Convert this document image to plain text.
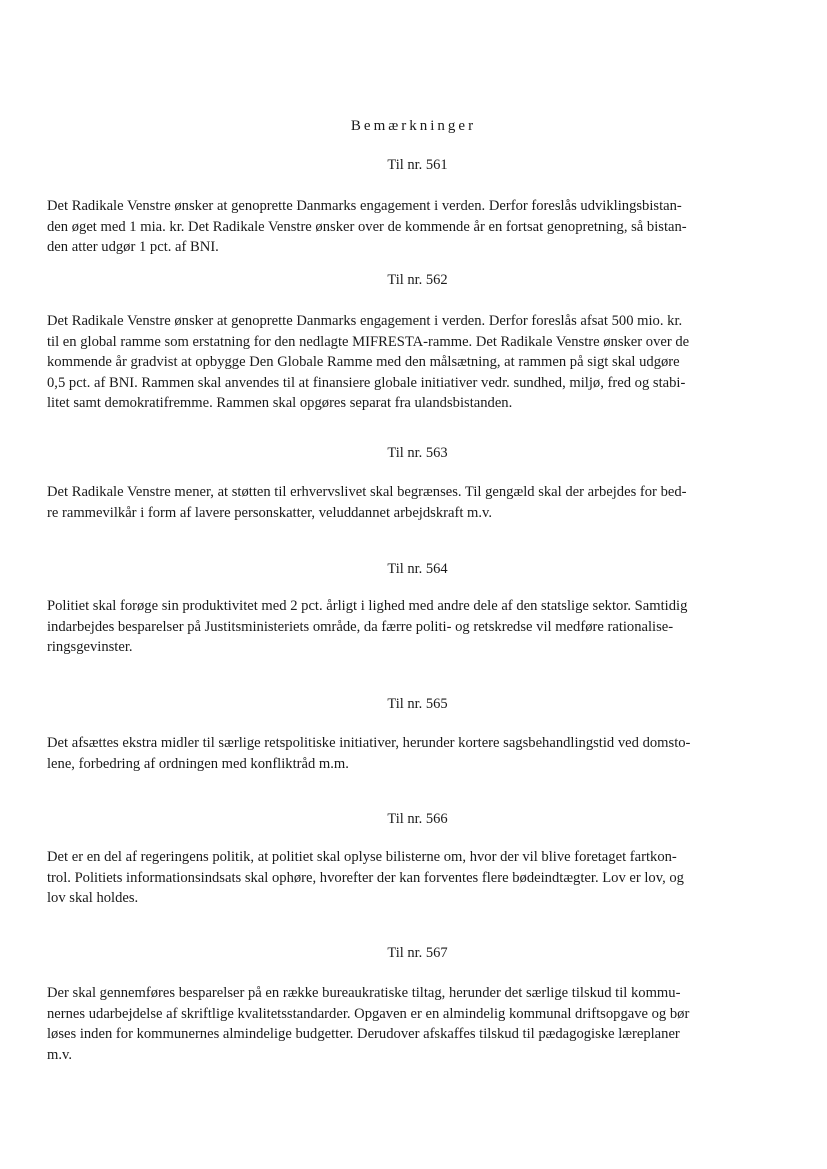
Bemærkninger
Til nr. 561
Det Radikale Venstre ønsker at genoprette Danmarks engagement i verden. Derfor foreslås udviklingsbistan-
den øget med 1 mia. kr. Det Radikale Venstre ønsker over de kommende år en fortsat genopretning, så bistan-
den atter udgør 1 pct. af BNI.
Til nr. 562
Det Radikale Venstre ønsker at genoprette Danmarks engagement i verden. Derfor foreslås afsat 500 mio. kr.
til en global ramme som erstatning for den nedlagte MIFRESTA-ramme. Det Radikale Venstre ønsker over de
kommende år gradvist at opbygge Den Globale Ramme med den målsætning, at rammen på sigt skal udgøre
0,5 pct. af BNI. Rammen skal anvendes til at finansiere globale initiativer vedr. sundhed, miljø, fred og stabi-
litet samt demokratifremme. Rammen skal opgøres separat fra ulandsbistanden.
Til nr. 563
Det Radikale Venstre mener, at støtten til erhvervslivet skal begrænses. Til gengæld skal der arbejdes for bed-
re rammevilkår i form af lavere personskatter, veluddannet arbejdskraft m.v.
Til nr. 564
Politiet skal forøge sin produktivitet med 2 pct. årligt i lighed med andre dele af den statslige sektor. Samtidig
indarbejdes besparelser på Justitsministeriets område, da færre politi- og retskredse vil medføre rationalise-
ringsgevinster.
Til nr. 565
Det afsættes ekstra midler til særlige retspolitiske initiativer, herunder kortere sagsbehandlingstid ved domsto-
lene, forbedring af ordningen med konfliktråd m.m.
Til nr. 566
Det er en del af regeringens politik, at politiet skal oplyse bilisterne om, hvor der vil blive foretaget fartkon-
trol. Politiets informationsindsats skal ophøre, hvorefter der kan forventes flere bødeindtægter. Lov er lov, og
lov skal holdes.
Til nr. 567
Der skal gennemføres besparelser på en række bureaukratiske tiltag, herunder det særlige tilskud til kommu-
nernes udarbejdelse af skriftlige kvalitetsstandarder. Opgaven er en almindelig kommunal driftsopgave og bør
løses inden for kommunernes almindelige budgetter. Derudover afskaffes tilskud til pædagogiske læreplaner
m.v.
